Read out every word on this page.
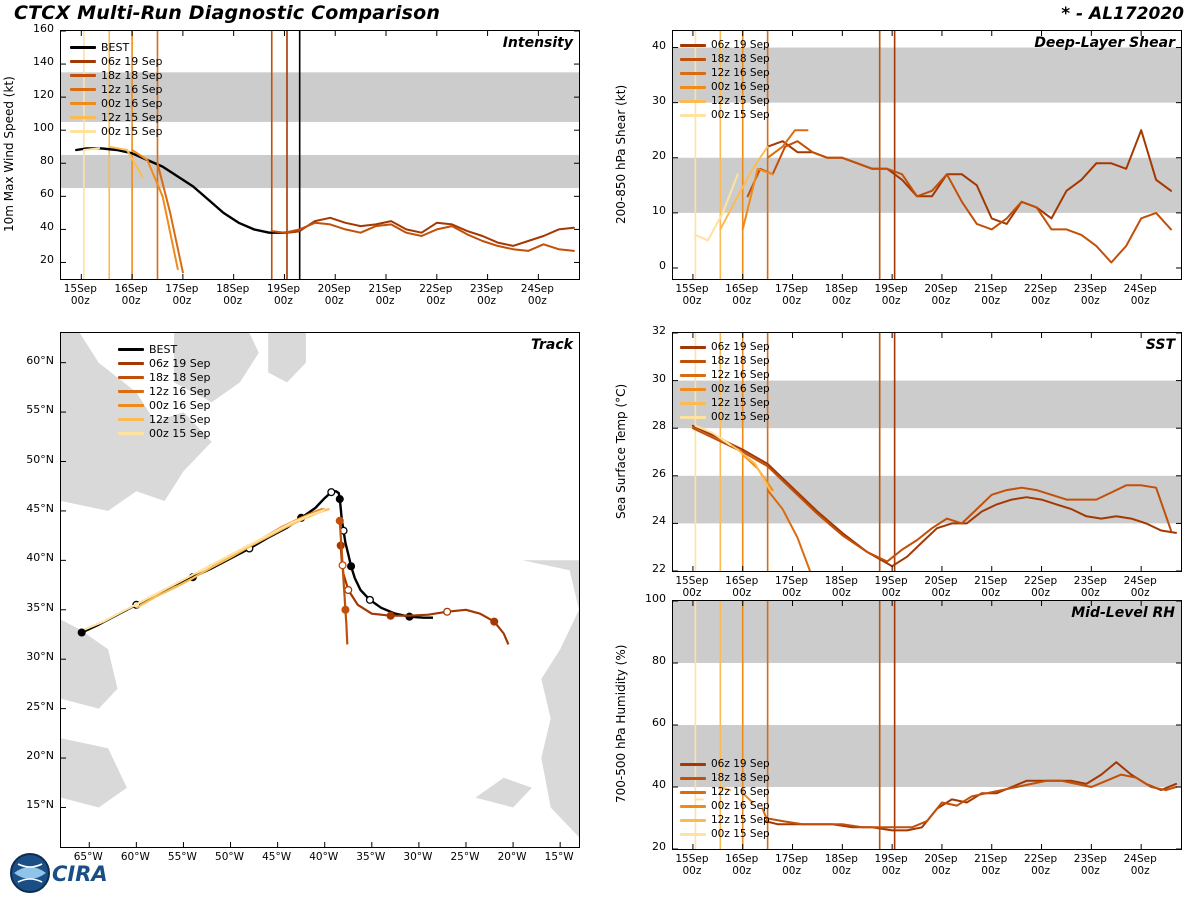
CTCX Multi-Run Diagnostic Comparison	* - AL172020
Intensity
20
40
60
80
100
120
140
160
15Sep
00z
16Sep
00z
17Sep
00z
18Sep
00z
19Sep
00z
20Sep
00z
21Sep
00z
22Sep
00z
23Sep
00z
24Sep
00z
10m Max Wind Speed (kt)
BEST
06z 19 Sep
18z 18 Sep
12z 16 Sep
00z 16 Sep
12z 15 Sep
00z 15 Sep
Deep-Layer Shear
0
10
20
30
40
15Sep
00z
16Sep
00z
17Sep
00z
18Sep
00z
19Sep
00z
20Sep
00z
21Sep
00z
22Sep
00z
23Sep
00z
24Sep
00z
200-850 hPa Shear (kt)
06z 19 Sep
18z 18 Sep
12z 16 Sep
00z 16 Sep
12z 15 Sep
00z 15 Sep
SST
22
24
26
28
30
32
15Sep
00z
16Sep
00z
17Sep
00z
18Sep
00z
19Sep
00z
20Sep
00z
21Sep
00z
22Sep
00z
23Sep
00z
24Sep
00z
Sea Surface Temp (°C)
06z 19 Sep
18z 18 Sep
12z 16 Sep
00z 16 Sep
12z 15 Sep
00z 15 Sep
Mid-Level RH
20
40
60
80
100
15Sep
00z
16Sep
00z
17Sep
00z
18Sep
00z
19Sep
00z
20Sep
00z
21Sep
00z
22Sep
00z
23Sep
00z
24Sep
00z
700-500 hPa Humidity (%)	06z 19 Sep
18z 18 Sep
12z 16 Sep
00z 16 Sep
12z 15 Sep
00z 15 Sep
Track
65°W	60°W	55°W	50°W	45°W	40°W	35°W	30°W	25°W	20°W	15°W
15°N
20°N
25°N
30°N
35°N
40°N
45°N
50°N
55°N
60°N
BEST
06z 19 Sep
18z 18 Sep
12z 16 Sep
00z 16 Sep
12z 15 Sep
00z 15 Sep
CIRA
